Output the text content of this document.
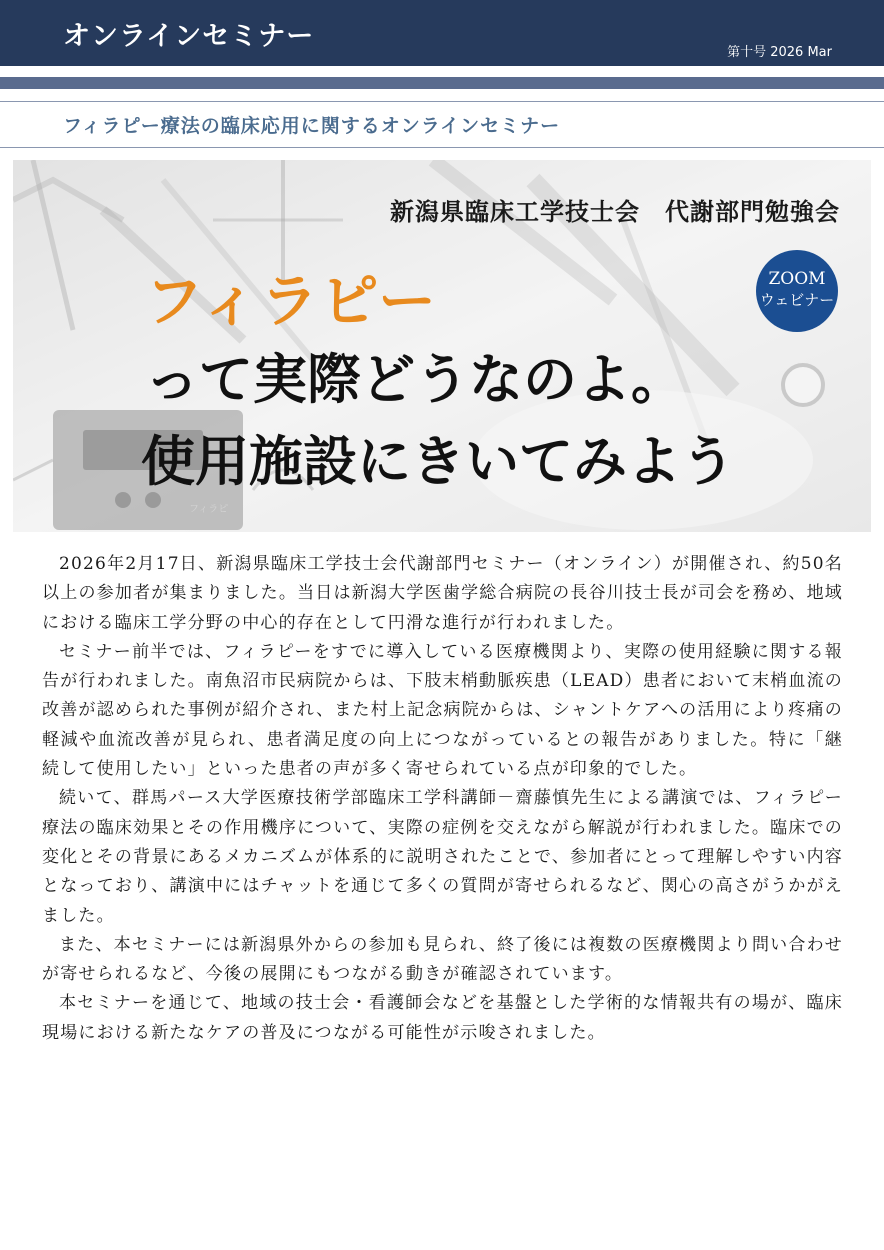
オンラインセミナー
第十号 2026 Mar
フィラピー療法の臨床応用に関するオンラインセミナー
新潟県臨床工学技士会　代謝部門勉強会
ZOOM
ウェビナー
フィラピー
って実際どうなのよ。
使用施設にきいてみよう
フィラピ

2026年2月17日、新潟県臨床工学技士会代謝部門セミナー（オンライン）が開催され、約50名以上の参加者が集まりました。当日は新潟大学医歯学総合病院の長谷川技士長が司会を務め、地域における臨床工学分野の中心的存在として円滑な進行が行われました。

セミナー前半では、フィラピーをすでに導入している医療機関より、実際の使用経験に関する報告が行われました。南魚沼市民病院からは、下肢末梢動脈疾患（LEAD）患者において末梢血流の改善が認められた事例が紹介され、また村上記念病院からは、シャントケアへの活用により疼痛の軽減や血流改善が見られ、患者満足度の向上につながっているとの報告がありました。特に「継続して使用したい」といった患者の声が多く寄せられている点が印象的でした。

続いて、群馬パース大学医療技術学部臨床工学科講師－齋藤慎先生による講演では、フィラピー療法の臨床効果とその作用機序について、実際の症例を交えながら解説が行われました。臨床での変化とその背景にあるメカニズムが体系的に説明されたことで、参加者にとって理解しやすい内容となっており、講演中にはチャットを通じて多くの質問が寄せられるなど、関心の高さがうかがえました。

また、本セミナーには新潟県外からの参加も見られ、終了後には複数の医療機関より問い合わせが寄せられるなど、今後の展開にもつながる動きが確認されています。

本セミナーを通じて、地域の技士会・看護師会などを基盤とした学術的な情報共有の場が、臨床現場における新たなケアの普及につながる可能性が示唆されました。
